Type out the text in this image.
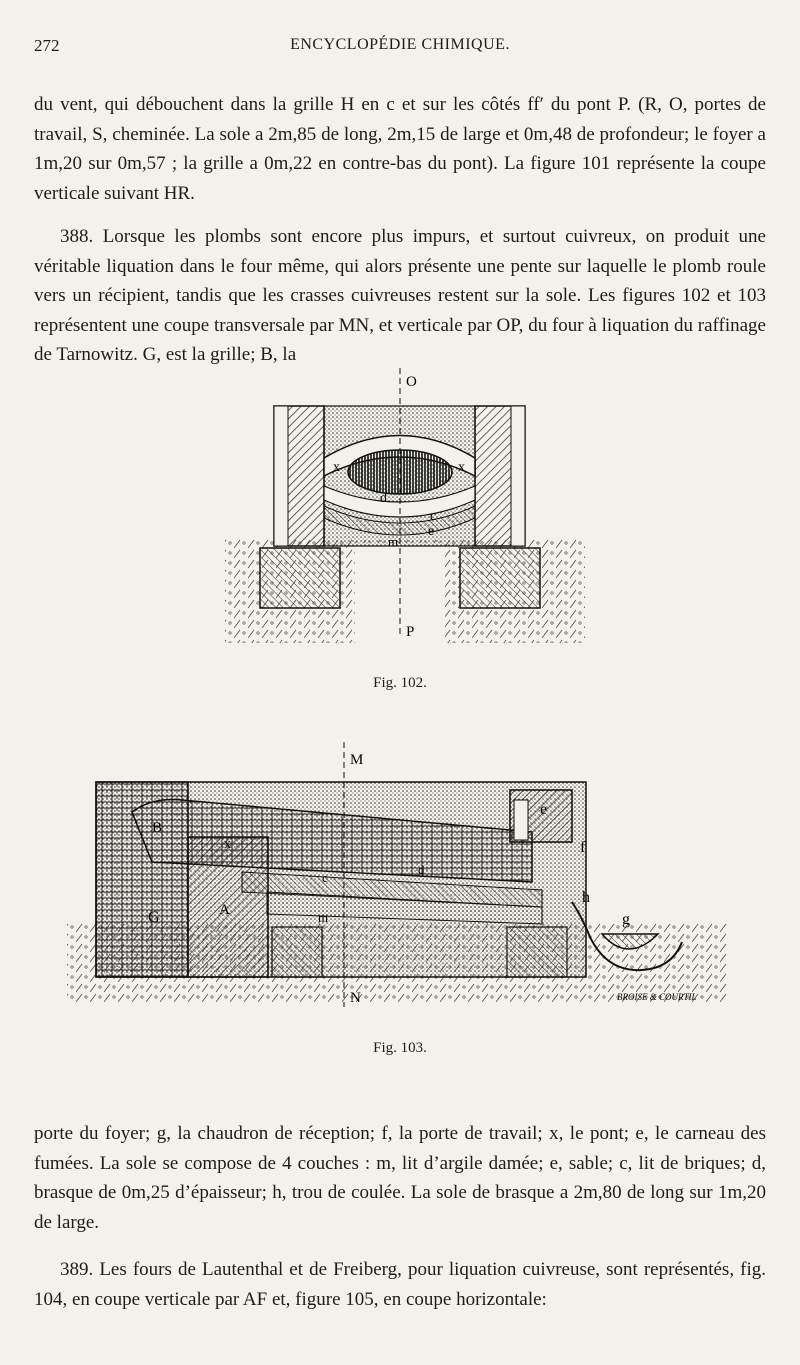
272	ENCYCLOPÉDIE CHIMIQUE.

du vent, qui débouchent dans la grille H en c et sur les côtés ff′ du pont P. (R, O, portes de travail, S, cheminée. La sole a 2m,85 de long, 2m,15 de large et 0m,48 de profondeur; le foyer a 1m,20 sur 0m,57 ; la grille a 0m,22 en contre-bas du pont). La figure 101 représente la coupe verticale suivant HR.

388. Lorsque les plombs sont encore plus impurs, et surtout cuivreux, on produit une véritable liquation dans le four même, qui alors présente une pente sur laquelle le plomb roule vers un récipient, tandis que les crasses cuivreuses restent sur la sole. Les figures 102 et 103 représentent une coupe transversale par MN, et verticale par OP, du four à liquation du raffinage de Tarnowitz. G, est la grille; B, la

O
P
x	x
d
c
e
m
Fig. 102.
M
N
B
G	A
x
e
f
h
g
d
c
m
BROISE & COURTIL
Fig. 103.

porte du foyer; g, la chaudron de réception; f, la porte de travail; x, le pont; e, le carneau des fumées. La sole se compose de 4 couches : m, lit d’argile damée; e, sable; c, lit de briques; d, brasque de 0m,25 d’épaisseur; h, trou de coulée. La sole de brasque a 2m,80 de long sur 1m,20 de large.

389. Les fours de Lautenthal et de Freiberg, pour liquation cuivreuse, sont représentés, fig. 104, en coupe verticale par AF et, figure 105, en coupe horizontale:
